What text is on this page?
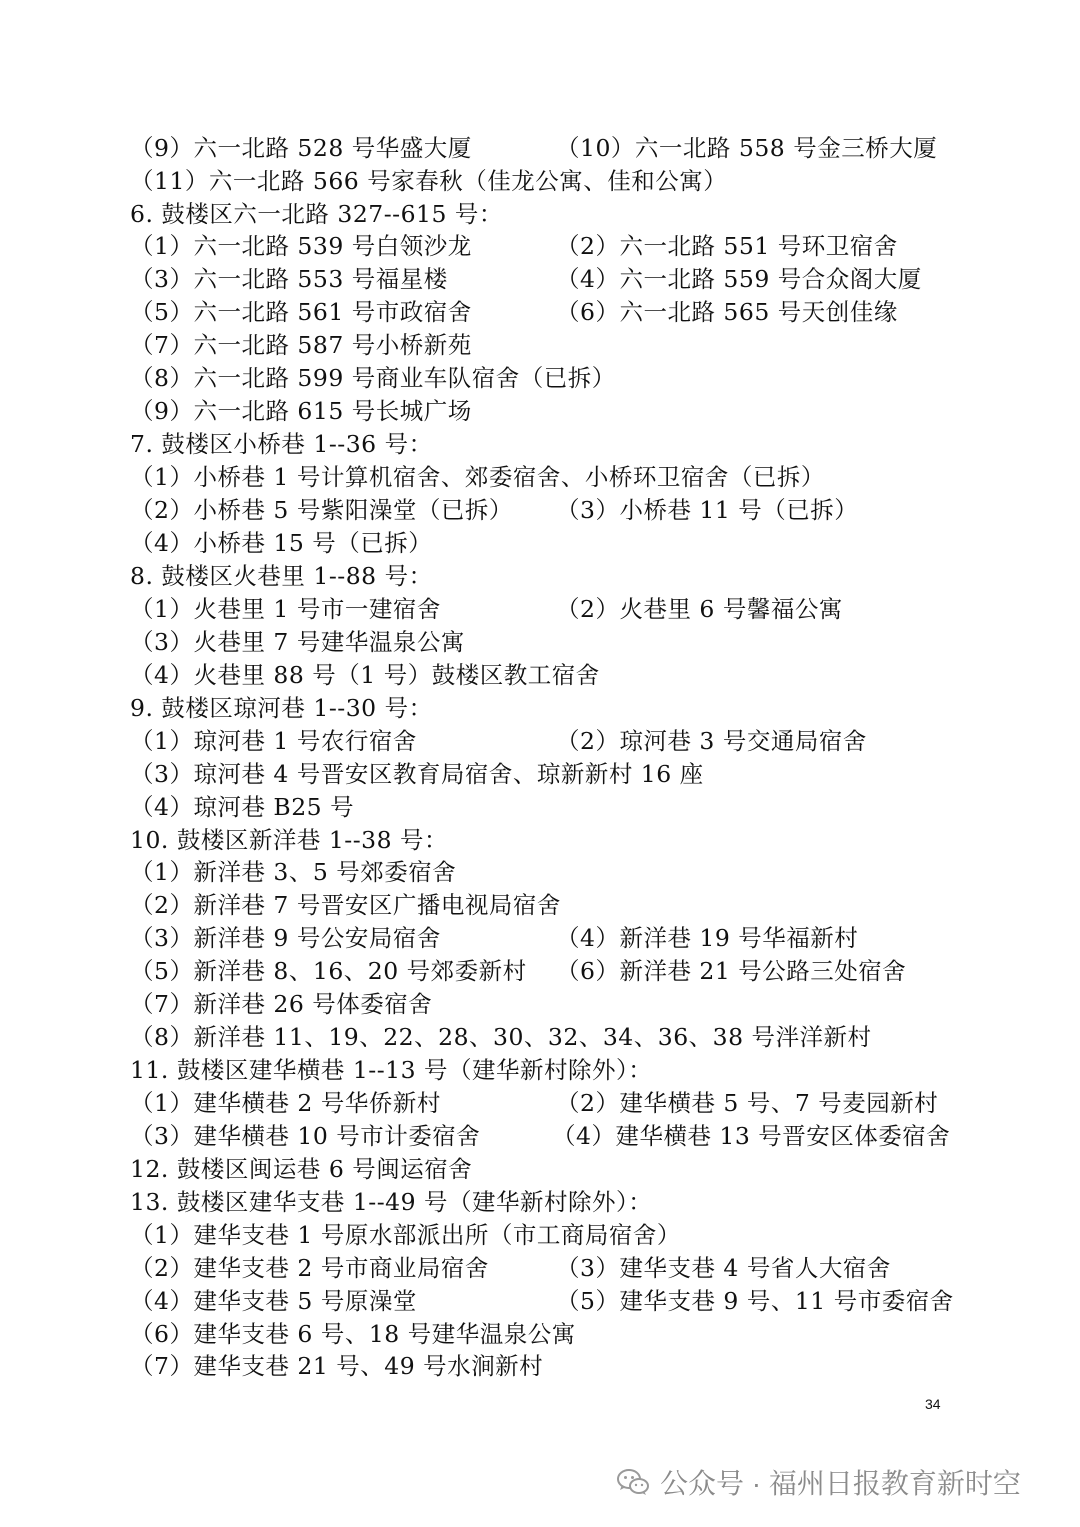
（9）六一北路 528 号华盛大厦	（10）六一北路 558 号金三桥大厦
（11）六一北路 566 号家春秋（佳龙公寓、佳和公寓）
6. 鼓楼区六一北路 327--615 号：
（1）六一北路 539 号白领沙龙	（2）六一北路 551 号环卫宿舍
（3）六一北路 553 号福星楼	（4）六一北路 559 号合众阁大厦
（5）六一北路 561 号市政宿舍	（6）六一北路 565 号天创佳缘
（7）六一北路 587 号小桥新苑
（8）六一北路 599 号商业车队宿舍（已拆）
（9）六一北路 615 号长城广场
7. 鼓楼区小桥巷 1--36 号：
（1）小桥巷 1 号计算机宿舍、郊委宿舍、小桥环卫宿舍（已拆）
（2）小桥巷 5 号紫阳澡堂（已拆） （3）小桥巷 11 号（已拆）
（4）小桥巷 15 号（已拆）
8. 鼓楼区火巷里 1--88 号：
（1）火巷里 1 号市一建宿舍	（2）火巷里 6 号馨福公寓
（3）火巷里 7 号建华温泉公寓
（4）火巷里 88 号（1 号）鼓楼区教工宿舍
9. 鼓楼区琼河巷 1--30 号：
（1）琼河巷 1 号农行宿舍	（2）琼河巷 3 号交通局宿舍
（3）琼河巷 4 号晋安区教育局宿舍、琼新新村 16 座
（4）琼河巷 B25 号
10. 鼓楼区新洋巷 1--38 号：
（1）新洋巷 3、5 号郊委宿舍
（2）新洋巷 7 号晋安区广播电视局宿舍
（3）新洋巷 9 号公安局宿舍	（4）新洋巷 19 号华福新村
（5）新洋巷 8、16、20 号郊委新村 （6）新洋巷 21 号公路三处宿舍
（7）新洋巷 26 号体委宿舍
（8）新洋巷 11、19、22、28、30、32、34、36、38 号泮洋新村
11. 鼓楼区建华横巷 1--13 号（建华新村除外）：
（1）建华横巷 2 号华侨新村	（2）建华横巷 5 号、7 号麦园新村
（3）建华横巷 10 号市计委宿舍	（4）建华横巷 13 号晋安区体委宿舍
12. 鼓楼区闽运巷 6 号闽运宿舍
13. 鼓楼区建华支巷 1--49 号（建华新村除外）：
（1）建华支巷 1 号原水部派出所（市工商局宿舍）
（2）建华支巷 2 号市商业局宿舍	（3）建华支巷 4 号省人大宿舍
（4）建华支巷 5 号原澡堂	（5）建华支巷 9 号、11 号市委宿舍
（6）建华支巷 6 号、18 号建华温泉公寓
（7）建华支巷 21 号、49 号水涧新村
34
公众号 · 福州日报教育新时空
